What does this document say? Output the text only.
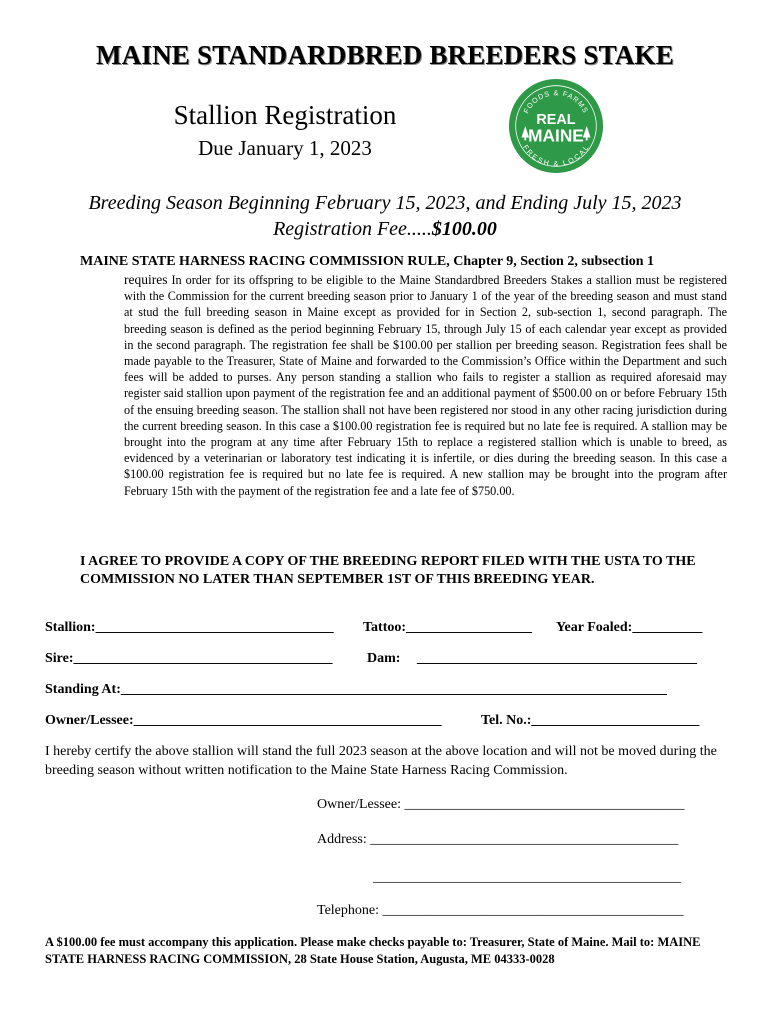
MAINE STANDARDBRED BREEDERS STAKE
Stallion Registration
Due January 1, 2023
FOODS & FARMS
FRESH & LOCAL
REAL
MAINE
Breeding Season Beginning February 15, 2023, and Ending July 15, 2023
Registration Fee.....$100.00
MAINE STATE HARNESS RACING COMMISSION RULE, Chapter 9, Section 2, subsection 1
requires In order for its offspring to be eligible to the Maine Standardbred Breeders Stakes a stallion must be registered with the Commission for the current breeding season prior to January 1 of the year of the breeding season and must stand at stud the full breeding season in Maine except as provided for in Section 2, sub-section 1, second paragraph. The breeding season is defined as the period beginning February 15, through July 15 of each calendar year except as provided in the second paragraph. The registration fee shall be $100.00 per stallion per breeding season. Registration fees shall be made payable to the Treasurer, State of Maine and forwarded to the Commission’s Office within the Department and such fees will be added to purses. Any person standing a stallion who fails to register a stallion as required aforesaid may register said stallion upon payment of the registration fee and an additional payment of $500.00 on or before February 15th of the ensuing breeding season. The stallion shall not have been registered nor stood in any other racing jurisdiction during the current breeding season. In this case a $100.00 registration fee is required but no late fee is required. A stallion may be brought into the program at any time after February 15th to replace a registered stallion which is unable to breed, as evidenced by a veterinarian or laboratory test indicating it is infertile, or dies during the breeding season. In this case a $100.00 registration fee is required but no late fee is required. A new stallion may be brought into the program after February 15th with the payment of the registration fee and a late fee of $750.00.
I AGREE TO PROVIDE A COPY OF THE BREEDING REPORT FILED WITH THE USTA TO THE COMMISSION NO LATER THAN SEPTEMBER 1ST OF THIS BREEDING YEAR.
Stallion:__________________________________ Tattoo:__________________ Year Foaled:__________
Sire:_____________________________________ Dam: ________________________________________
Standing At:______________________________________________________________________________
Owner/Lessee:____________________________________________	Tel. No.:________________________
I hereby certify the above stallion will stand the full 2023 season at the above location and will not be moved during the breeding season without written notification to the Maine State Harness Racing Commission.
Owner/Lessee: ________________________________________
Address: ____________________________________________
____________________________________________
Telephone: ___________________________________________
A $100.00 fee must accompany this application. Please make checks payable to: Treasurer, State of Maine. Mail to: MAINE STATE HARNESS RACING COMMISSION, 28 State House Station, Augusta, ME 04333-0028
